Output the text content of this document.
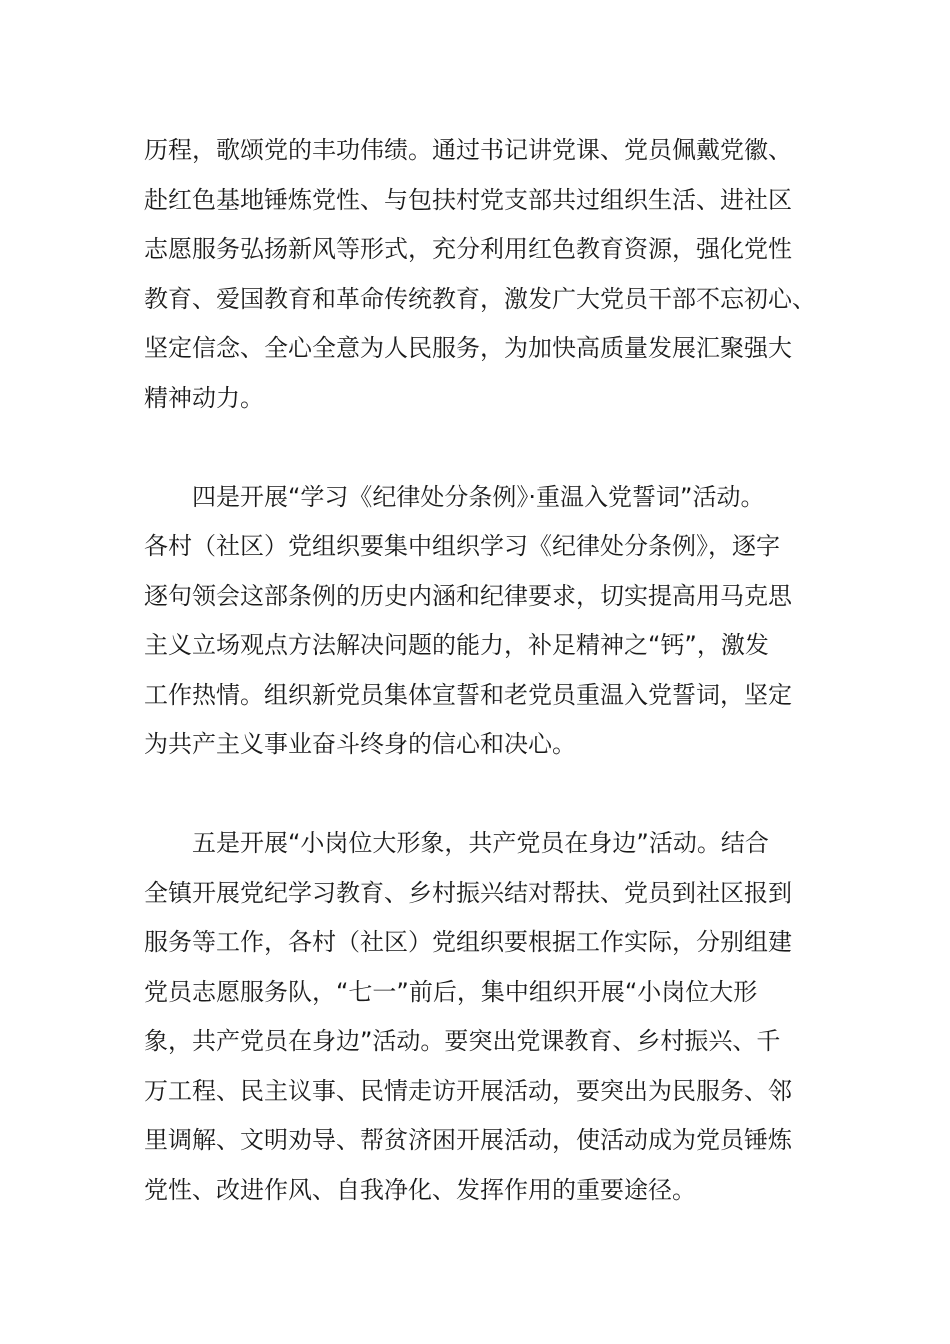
历程，歌颂党的丰功伟绩。通过书记讲党课、党员佩戴党徽、
赴红色基地锤炼党性、与包扶村党支部共过组织生活、进社区
志愿服务弘扬新风等形式，充分利用红色教育资源，强化党性
教育、爱国教育和革命传统教育，激发广大党员干部不忘初心、
坚定信念、全心全意为人民服务，为加快高质量发展汇聚强大
精神动力。
四是开展“学习《纪律处分条例》·重温入党誓词”活动。
各村（社区）党组织要集中组织学习《纪律处分条例》，逐字
逐句领会这部条例的历史内涵和纪律要求，切实提高用马克思
主义立场观点方法解决问题的能力，补足精神之“钙”，激发
工作热情。组织新党员集体宣誓和老党员重温入党誓词，坚定
为共产主义事业奋斗终身的信心和决心。
五是开展“小岗位大形象，共产党员在身边”活动。结合
全镇开展党纪学习教育、乡村振兴结对帮扶、党员到社区报到
服务等工作，各村（社区）党组织要根据工作实际，分别组建
党员志愿服务队，“七一”前后，集中组织开展“小岗位大形
象，共产党员在身边”活动。要突出党课教育、乡村振兴、千
万工程、民主议事、民情走访开展活动，要突出为民服务、邻
里调解、文明劝导、帮贫济困开展活动，使活动成为党员锤炼
党性、改进作风、自我净化、发挥作用的重要途径。
